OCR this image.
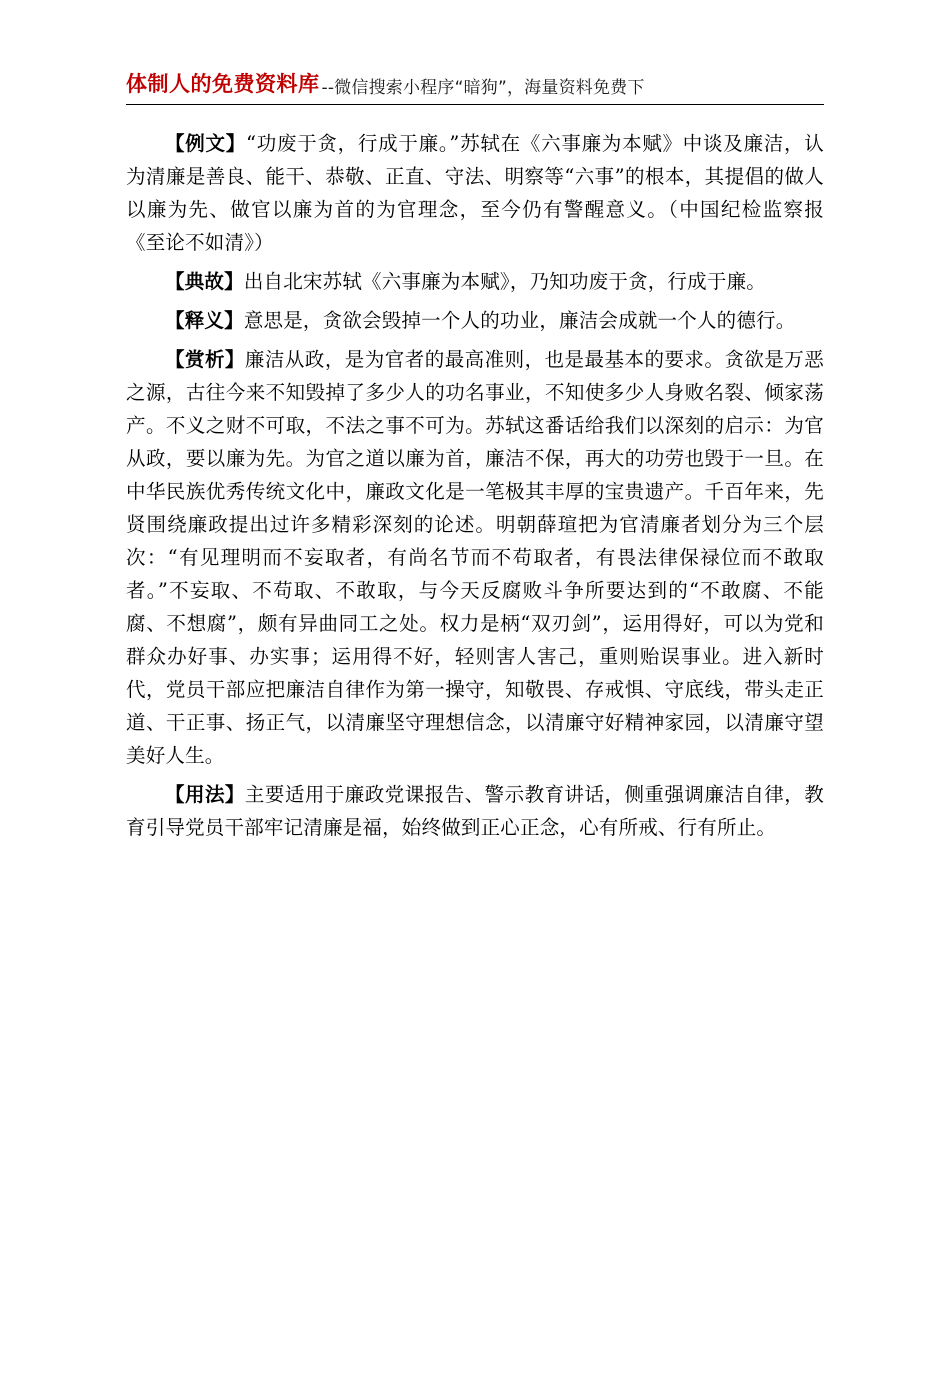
体制人的免费资料库 --微信搜索小程序“暗狗”，海量资料免费下

【例文】“功废于贪，行成于廉。”苏轼在《六事廉为本赋》中谈及廉洁，认为清廉是善良、能干、恭敬、正直、守法、明察等“六事”的根本，其提倡的做人以廉为先、做官以廉为首的为官理念，至今仍有警醒意义。（中国纪检监察报《至论不如清》）

【典故】出自北宋苏轼《六事廉为本赋》，乃知功废于贪，行成于廉。

【释义】意思是，贪欲会毁掉一个人的功业，廉洁会成就一个人的德行。

【赏析】廉洁从政，是为官者的最高准则，也是最基本的要求。贪欲是万恶之源，古往今来不知毁掉了多少人的功名事业，不知使多少人身败名裂、倾家荡产。不义之财不可取，不法之事不可为。苏轼这番话给我们以深刻的启示：为官从政，要以廉为先。为官之道以廉为首，廉洁不保，再大的功劳也毁于一旦。在中华民族优秀传统文化中，廉政文化是一笔极其丰厚的宝贵遗产。千百年来，先贤围绕廉政提出过许多精彩深刻的论述。明朝薛瑄把为官清廉者划分为三个层次：“有见理明而不妄取者，有尚名节而不苟取者，有畏法律保禄位而不敢取者。”不妄取、不苟取、不敢取，与今天反腐败斗争所要达到的“不敢腐、不能腐、不想腐”，颇有异曲同工之处。权力是柄“双刃剑”，运用得好，可以为党和群众办好事、办实事；运用得不好，轻则害人害己，重则贻误事业。进入新时代，党员干部应把廉洁自律作为第一操守，知敬畏、存戒惧、守底线，带头走正道、干正事、扬正气，以清廉坚守理想信念，以清廉守好精神家园，以清廉守望美好人生。

【用法】主要适用于廉政党课报告、警示教育讲话，侧重强调廉洁自律，教育引导党员干部牢记清廉是福，始终做到正心正念，心有所戒、行有所止。
